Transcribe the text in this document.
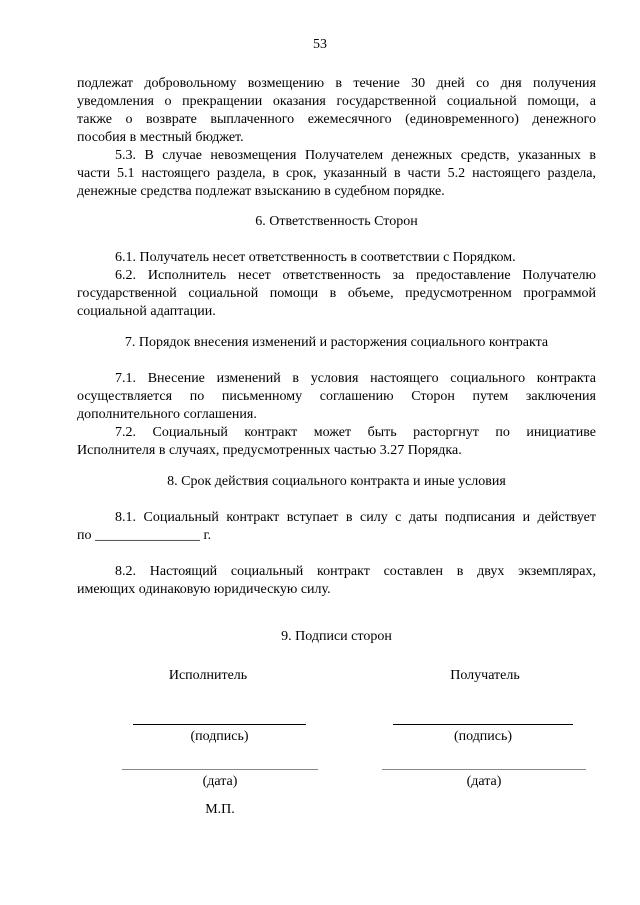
53
подлежат добровольному возмещению в течение 30 дней со дня получения
уведомления о прекращении оказания государственной социальной помощи, а
также о возврате выплаченного ежемесячного (единовременного) денежного
пособия в местный бюджет.
5.3. В случае невозмещения Получателем денежных средств, указанных в
части 5.1 настоящего раздела, в срок, указанный в части 5.2 настоящего раздела,
денежные средства подлежат взысканию в судебном порядке.
6. Ответственность Сторон
6.1. Получатель несет ответственность в соответствии с Порядком.
6.2. Исполнитель несет ответственность за предоставление Получателю
государственной социальной помощи в объеме, предусмотренном программой
социальной адаптации.
7. Порядок внесения изменений и расторжения социального контракта
7.1. Внесение изменений в условия настоящего социального контракта
осуществляется по письменному соглашению Сторон путем заключения
дополнительного соглашения.
7.2. Социальный контракт может быть расторгнут по инициативе
Исполнителя в случаях, предусмотренных частью 3.27 Порядка.
8. Срок действия социального контракта и иные условия
8.1. Социальный контракт вступает в силу с даты подписания и действует
по _______________ г.
8.2. Настоящий социальный контракт составлен в двух экземплярах,
имеющих одинаковую юридическую силу.
9. Подписи сторон
Исполнитель	Получатель
(подпись)	(подпись)
(дата)	(дата)
М.П.
